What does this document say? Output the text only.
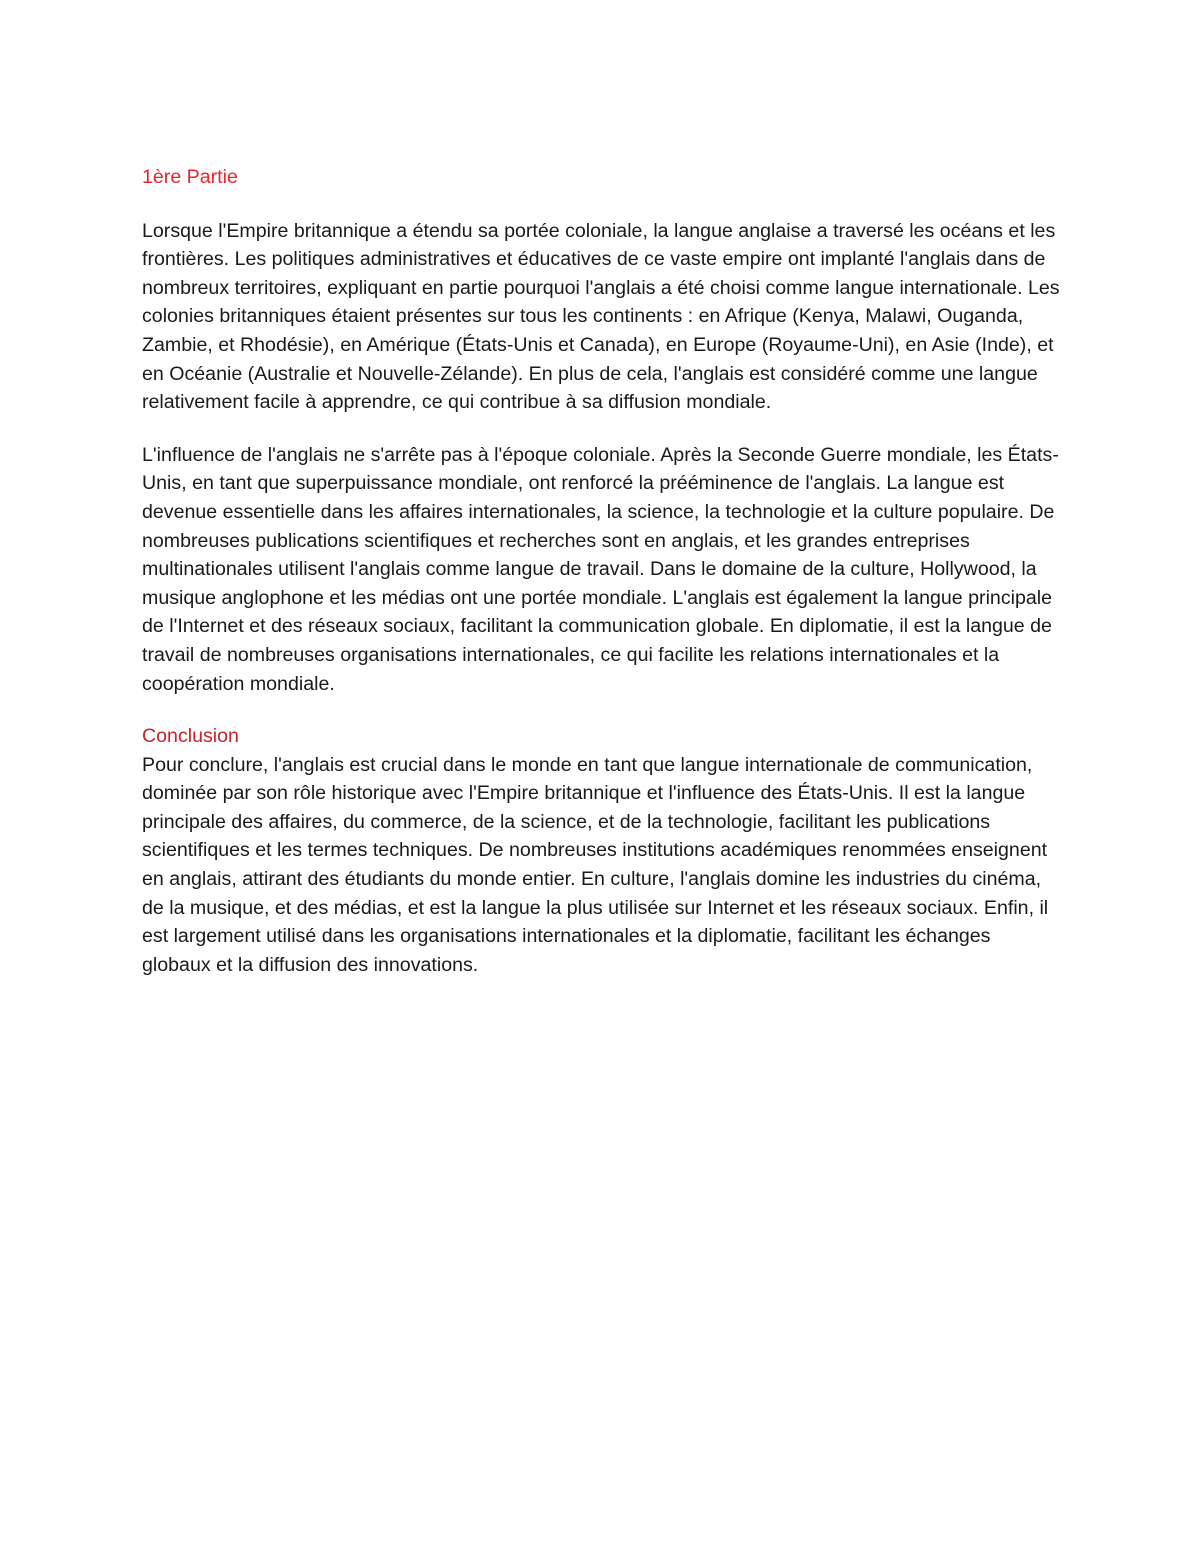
1ère Partie

Lorsque l'Empire britannique a étendu sa portée coloniale, la langue anglaise a traversé les océans et les frontières. Les politiques administratives et éducatives de ce vaste empire ont implanté l'anglais dans de nombreux territoires, expliquant en partie pourquoi l'anglais a été choisi comme langue internationale. Les colonies britanniques étaient présentes sur tous les continents : en Afrique (Kenya, Malawi, Ouganda, Zambie, et Rhodésie), en Amérique (États-Unis et Canada), en Europe (Royaume-Uni), en Asie (Inde), et en Océanie (Australie et Nouvelle-Zélande). En plus de cela, l'anglais est considéré comme une langue relativement facile à apprendre, ce qui contribue à sa diffusion mondiale.

L'influence de l'anglais ne s'arrête pas à l'époque coloniale. Après la Seconde Guerre mondiale, les États-Unis, en tant que superpuissance mondiale, ont renforcé la prééminence de l'anglais. La langue est devenue essentielle dans les affaires internationales, la science, la technologie et la culture populaire. De nombreuses publications scientifiques et recherches sont en anglais, et les grandes entreprises multinationales utilisent l'anglais comme langue de travail. Dans le domaine de la culture, Hollywood, la musique anglophone et les médias ont une portée mondiale. L'anglais est également la langue principale de l'Internet et des réseaux sociaux, facilitant la communication globale. En diplomatie, il est la langue de travail de nombreuses organisations internationales, ce qui facilite les relations internationales et la coopération mondiale.

Conclusion

Pour conclure, l'anglais est crucial dans le monde en tant que langue internationale de communication, dominée par son rôle historique avec l'Empire britannique et l'influence des États-Unis. Il est la langue principale des affaires, du commerce, de la science, et de la technologie, facilitant les publications scientifiques et les termes techniques. De nombreuses institutions académiques renommées enseignent en anglais, attirant des étudiants du monde entier. En culture, l'anglais domine les industries du cinéma, de la musique, et des médias, et est la langue la plus utilisée sur Internet et les réseaux sociaux. Enfin, il est largement utilisé dans les organisations internationales et la diplomatie, facilitant les échanges globaux et la diffusion des innovations.
